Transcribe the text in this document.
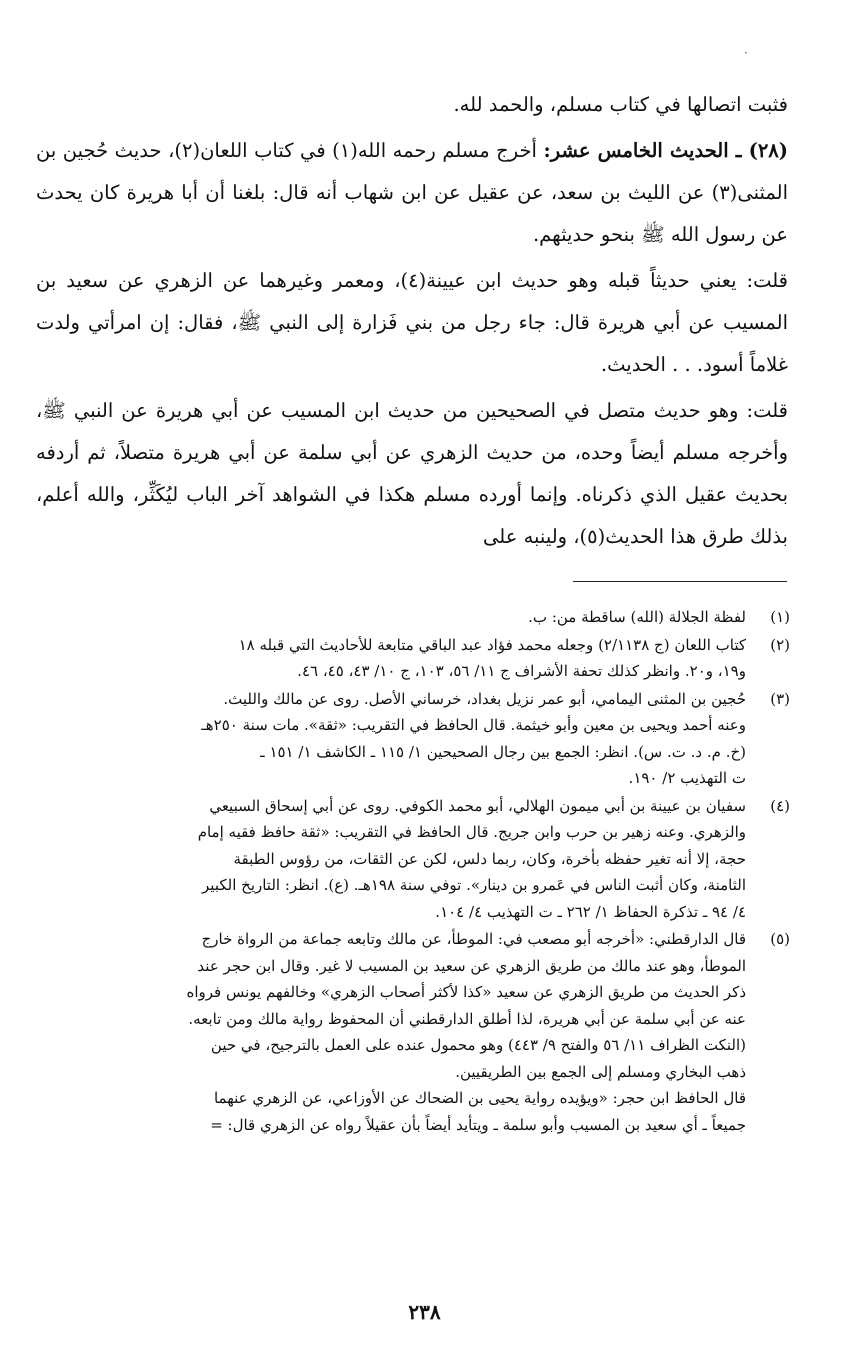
·

فثبت اتصالها في كتاب مسلم، والحمد لله.

(٢٨) ـ الحديث الخامس عشر: أخرج مسلم رحمه الله(١) في كتاب اللعان(٢)، حديث حُجين بن المثنى(٣) عن الليث بن سعد، عن عقيل عن ابن شهاب أنه قال: بلغنا أن أبا هريرة كان يحدث عن رسول الله ﷺ بنحو حديثهم.

قلت: يعني حديثاً قبله وهو حديث ابن عيينة(٤)، ومعمر وغيرهما عن الزهري عن سعيد بن المسيب عن أبي هريرة قال: جاء رجل من بني فَزارة إلى النبي ﷺ، فقال: إن امرأتي ولدت غلاماً أسود. . . الحديث.

قلت: وهو حديث متصل في الصحيحين من حديث ابن المسيب عن أبي هريرة عن النبي ﷺ، وأخرجه مسلم أيضاً وحده، من حديث الزهري عن أبي سلمة عن أبي هريرة متصلاً، ثم أردفه بحديث عقيل الذي ذكرناه. وإنما أورده مسلم هكذا في الشواهد آخر الباب ليُكَثِّر، والله أعلم، بذلك طرق هذا الحديث(٥)، ولينبه على

(١)
لفظة الجلالة (الله) ساقطة من: ب.
(٢)
كتاب اللعان (ج ٢/١١٣٨) وجعله محمد فؤاد عبد الباقي متابعة للأحاديث التي قبله ١٨
و١٩، و٢٠. وانظر كذلك تحفة الأشراف ج ١١/ ٥٦، ١٠٣، ج ١٠/ ٤٣، ٤٥، ٤٦.
(٣)
حُجين بن المثنى اليمامي، أبو عمر نزيل بغداد، خرساني الأصل. روى عن مالك والليث.
وعنه أحمد ويحيى بن معين وأبو خيثمة. قال الحافظ في التقريب: «ثقة». مات سنة ٢٥٠هـ
(خ. م. د. ت. س). انظر: الجمع بين رجال الصحيحين ١/ ١١٥ ـ الكاشف ١/ ١٥١ ـ
ت التهذيب ٢/ ١٩٠.
(٤)
سفيان بن عيينة بن أبي ميمون الهلالي، أبو محمد الكوفي. روى عن أبي إسحاق السبيعي
والزهري. وعنه زهير بن حرب وابن جريج. قال الحافظ في التقريب: «ثقة حافظ فقيه إمام
حجة، إلا أنه تغير حفظه بأخرة، وكان، ربما دلس، لكن عن الثقات، من رؤوس الطبقة
الثامنة، وكان أثبت الناس في عَمرو بن دينار». توفي سنة ١٩٨هـ. (ع). انظر: التاريخ الكبير
٤/ ٩٤ ـ تذكرة الحفاظ ١/ ٢٦٢ ـ ت التهذيب ٤/ ١٠٤.
(٥)
قال الدارقطني: «أخرجه أبو مصعب في: الموطأ، عن مالك وتابعه جماعة من الرواة خارج
الموطأ، وهو عند مالك من طريق الزهري عن سعيد بن المسيب لا غير. وقال ابن حجر عند
ذكر الحديث من طريق الزهري عن سعيد «كذا لأكثر أصحاب الزهري» وخالفهم يونس فرواه
عنه عن أبي سلمة عن أبي هريرة، لذا أطلق الدارقطني أن المحفوظ رواية مالك ومن تابعه.
(النكت الظراف ١١/ ٥٦ والفتح ٩/ ٤٤٣) وهو محمول عنده على العمل بالترجيح، في حين
ذهب البخاري ومسلم إلى الجمع بين الطريقيين.
قال الحافظ ابن حجر: «ويؤيده رواية يحيى بن الضحاك عن الأوزاعي، عن الزهري عنهما
جميعاً ـ أي سعيد بن المسيب وأبو سلمة ـ ويتأيد أيضاً بأن عقيلاً رواه عن الزهري قال: =
٢٣٨
